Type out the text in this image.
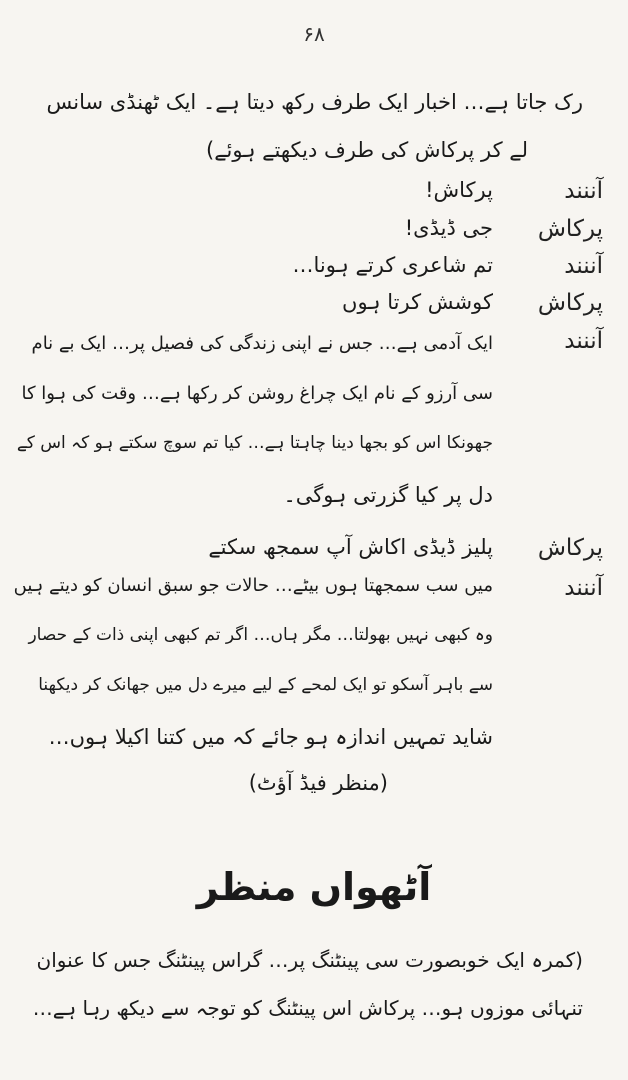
۶۸
رک جاتا ہے… اخبار ایک طرف رکھ دیتا ہے۔ ایک ٹھنڈی سانس
لے کر پرکاش کی طرف دیکھتے ہوئے)
آننند
پرکاش
آننند
پرکاش
آننند
پرکاش
آننند
پرکاش!
جی ڈیڈی!
تم شاعری کرتے ہونا…
کوشش کرتا ہوں
ایک آدمی ہے… جس نے اپنی زندگی کی فصیل پر… ایک بے نام
سی آرزو کے نام ایک چراغ روشن کر رکھا ہے… وقت کی ہوا کا
جھونکا اس کو بجھا دینا چاہتا ہے… کیا تم سوچ سکتے ہو کہ اس کے
دل پر کیا گزرتی ہوگی۔
پلیز ڈیڈی اکاش آپ سمجھ سکتے
میں سب سمجھتا ہوں بیٹے… حالات جو سبق انسان کو دیتے ہیں
وہ کبھی نہیں بھولتا… مگر ہاں… اگر تم کبھی اپنی ذات کے حصار
سے باہر آسکو تو ایک لمحے کے لیے میرے دل میں جھانک کر دیکھنا
شاید تمہیں اندازہ ہو جائے کہ میں کتنا اکیلا ہوں…
(منظر فیڈ آؤٹ)
آٹھواں منظر
(کمرہ ایک خوبصورت سی پینٹنگ پر… گراس پینٹنگ جس کا عنوان
تنہائی موزوں ہو… پرکاش اس پینٹنگ کو توجہ سے دیکھ رہا ہے…
